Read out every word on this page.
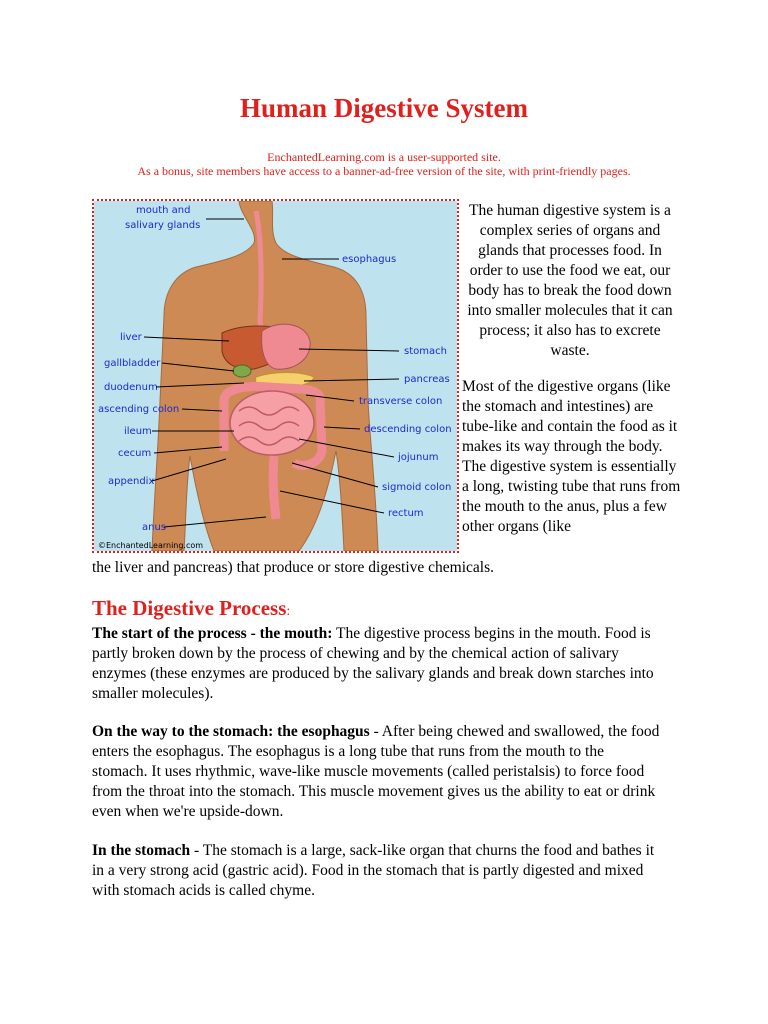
Human Digestive System
EnchantedLearning.com is a user-supported site.
As a bonus, site members have access to a banner-ad-free version of the site, with print-friendly pages.
mouth and
salivary glands
esophagus
liver
gallbladder
duodenum
ascending colon
ileum
cecum
appendix
anus
stomach
pancreas
transverse colon
descending colon
jojunum
sigmoid colon
rectum
©EnchantedLearning.com
The human digestive system is a complex series of organs and glands that processes food. In order to use the food we eat, our body has to break the food down into smaller molecules that it can process; it also has to excrete waste.
Most of the digestive organs (like the stomach and intestines) are tube-like and contain the food as it makes its way through the body. The digestive system is essentially a long, twisting tube that runs from the mouth to the anus, plus a few other organs (like
the liver and pancreas) that produce or store digestive chemicals.
The Digestive Process:
The start of the process - the mouth: The digestive process begins in the mouth. Food is partly broken down by the process of chewing and by the chemical action of salivary enzymes (these enzymes are produced by the salivary glands and break down starches into smaller molecules).
On the way to the stomach: the esophagus - After being chewed and swallowed, the food enters the esophagus. The esophagus is a long tube that runs from the mouth to the stomach. It uses rhythmic, wave-like muscle movements (called peristalsis) to force food from the throat into the stomach. This muscle movement gives us the ability to eat or drink even when we're upside-down.
In the stomach - The stomach is a large, sack-like organ that churns the food and bathes it in a very strong acid (gastric acid). Food in the stomach that is partly digested and mixed with stomach acids is called chyme.
